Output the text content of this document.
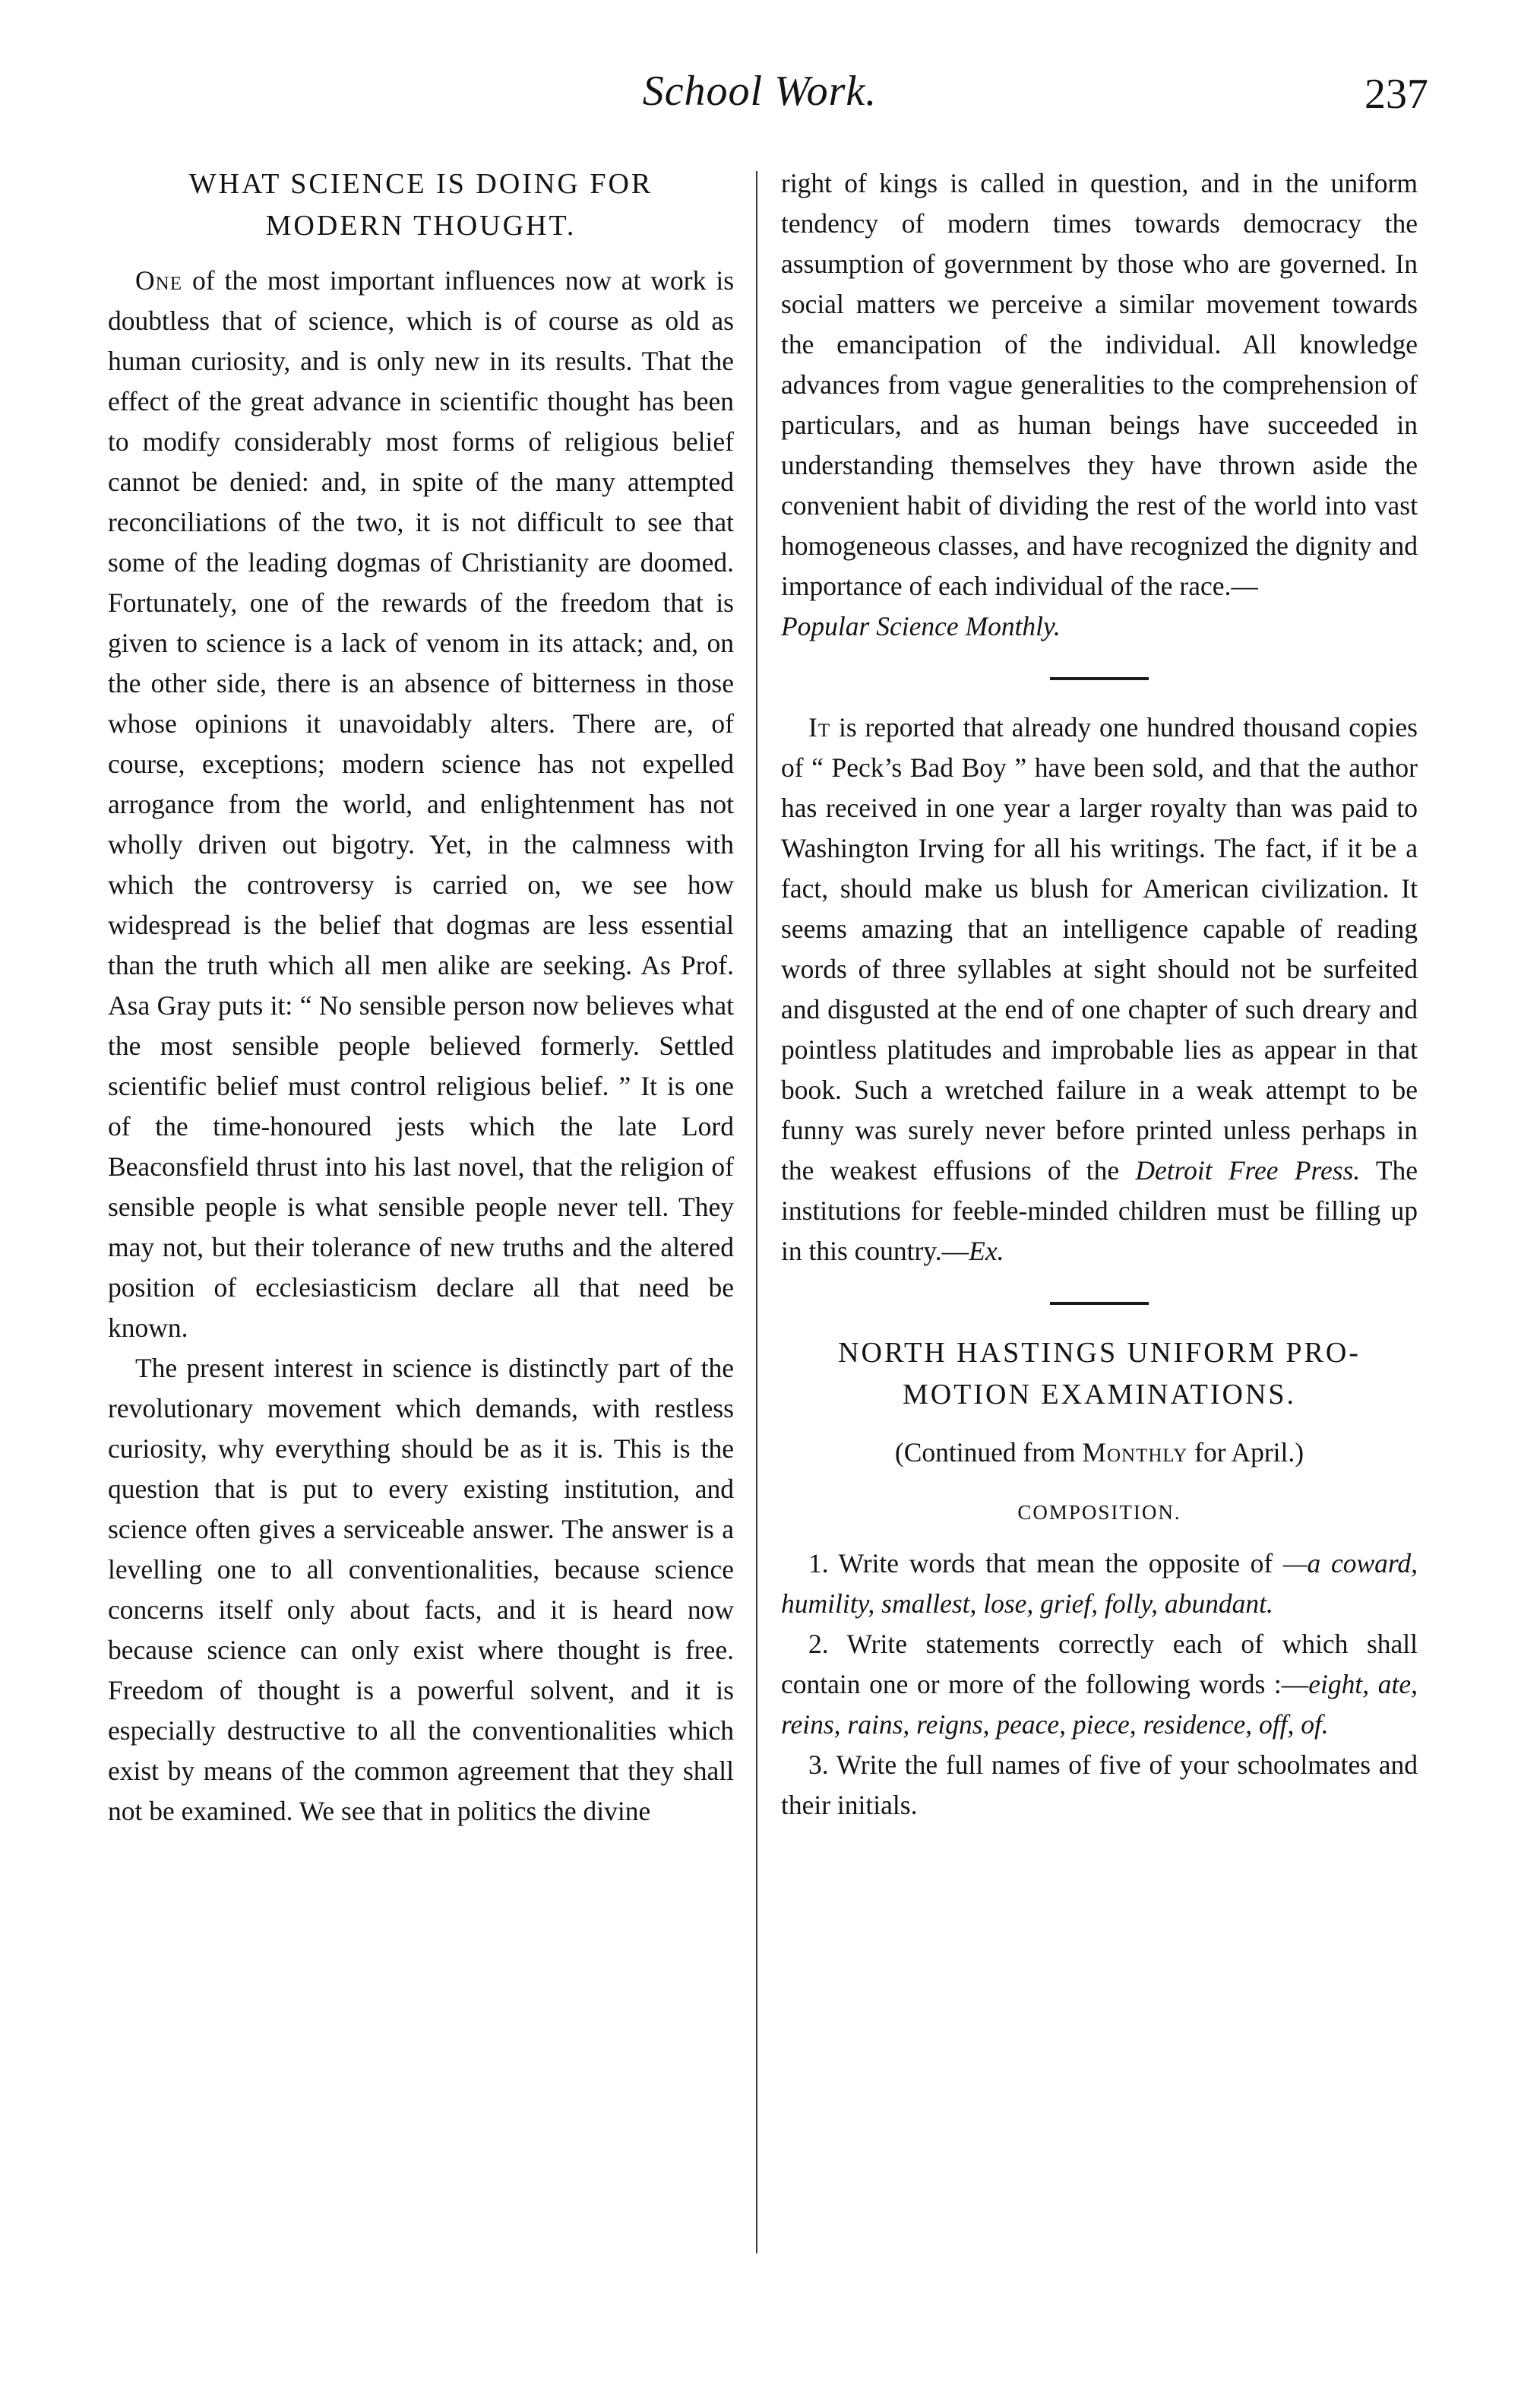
School Work.	237
WHAT SCIENCE IS DOING FOR
MODERN THOUGHT.

One of the most important influences now at work is doubtless that of science, which is of course as old as human curiosity, and is only new in its results. That the effect of the great advance in scientific thought has been to modify considerably most forms of religious belief cannot be denied: and, in spite of the many attempted reconciliations of the two, it is not difficult to see that some of the leading dogmas of Christianity are doomed. Fortunately, one of the rewards of the freedom that is given to science is a lack of venom in its attack; and, on the other side, there is an absence of bitterness in those whose opinions it unavoidably alters. There are, of course, exceptions; modern science has not expelled arrogance from the world, and enlightenment has not wholly driven out bigotry. Yet, in the calmness with which the controversy is carried on, we see how widespread is the belief that dogmas are less essential than the truth which all men alike are seeking. As Prof. Asa Gray puts it: “ No sensible person now believes what the most sensible people believed formerly. Settled scientific belief must control religious belief. ” It is one of the time-honoured jests which the late Lord Beaconsfield thrust into his last novel, that the religion of sensible people is what sensible people never tell. They may not, but their tolerance of new truths and the altered position of ecclesiasticism declare all that need be known.

The present interest in science is distinctly part of the revolutionary movement which demands, with restless curiosity, why everything should be as it is. This is the question that is put to every existing institution, and science often gives a serviceable answer. The answer is a levelling one to all conventionalities, because science concerns itself only about facts, and it is heard now because science can only exist where thought is free. Freedom of thought is a powerful solvent, and it is especially destructive to all the conventionalities which exist by means of the common agreement that they shall not be examined. We see that in politics the divine

right of kings is called in question, and in the uniform tendency of modern times towards democracy the assumption of government by those who are governed. In social matters we perceive a similar movement towards the emancipation of the individual. All knowledge advances from vague generalities to the comprehension of particulars, and as human beings have succeeded in understanding themselves they have thrown aside the convenient habit of dividing the rest of the world into vast homogeneous classes, and have recognized the dignity and importance of each individual of the race.—
Popular Science Monthly.

It is reported that already one hundred thousand copies of “ Peck’s Bad Boy ” have been sold, and that the author has received in one year a larger royalty than was paid to Washington Irving for all his writings. The fact, if it be a fact, should make us blush for American civilization. It seems amazing that an intelligence capable of reading words of three syllables at sight should not be surfeited and disgusted at the end of one chapter of such dreary and pointless platitudes and improbable lies as appear in that book. Such a wretched failure in a weak attempt to be funny was surely never before printed unless perhaps in the weakest effusions of the Detroit Free Press. The institutions for feeble-minded children must be filling up in this country.—Ex.

NORTH HASTINGS UNIFORM PRO-
MOTION EXAMINATIONS.

(Continued from Monthly for April.)

COMPOSITION.

1. Write words that mean the opposite of —a coward, humility, smallest, lose, grief, folly, abundant.

2. Write statements correctly each of which shall contain one or more of the following words :—eight, ate, reins, rains, reigns, peace, piece, residence, off, of.

3. Write the full names of five of your schoolmates and their initials.
